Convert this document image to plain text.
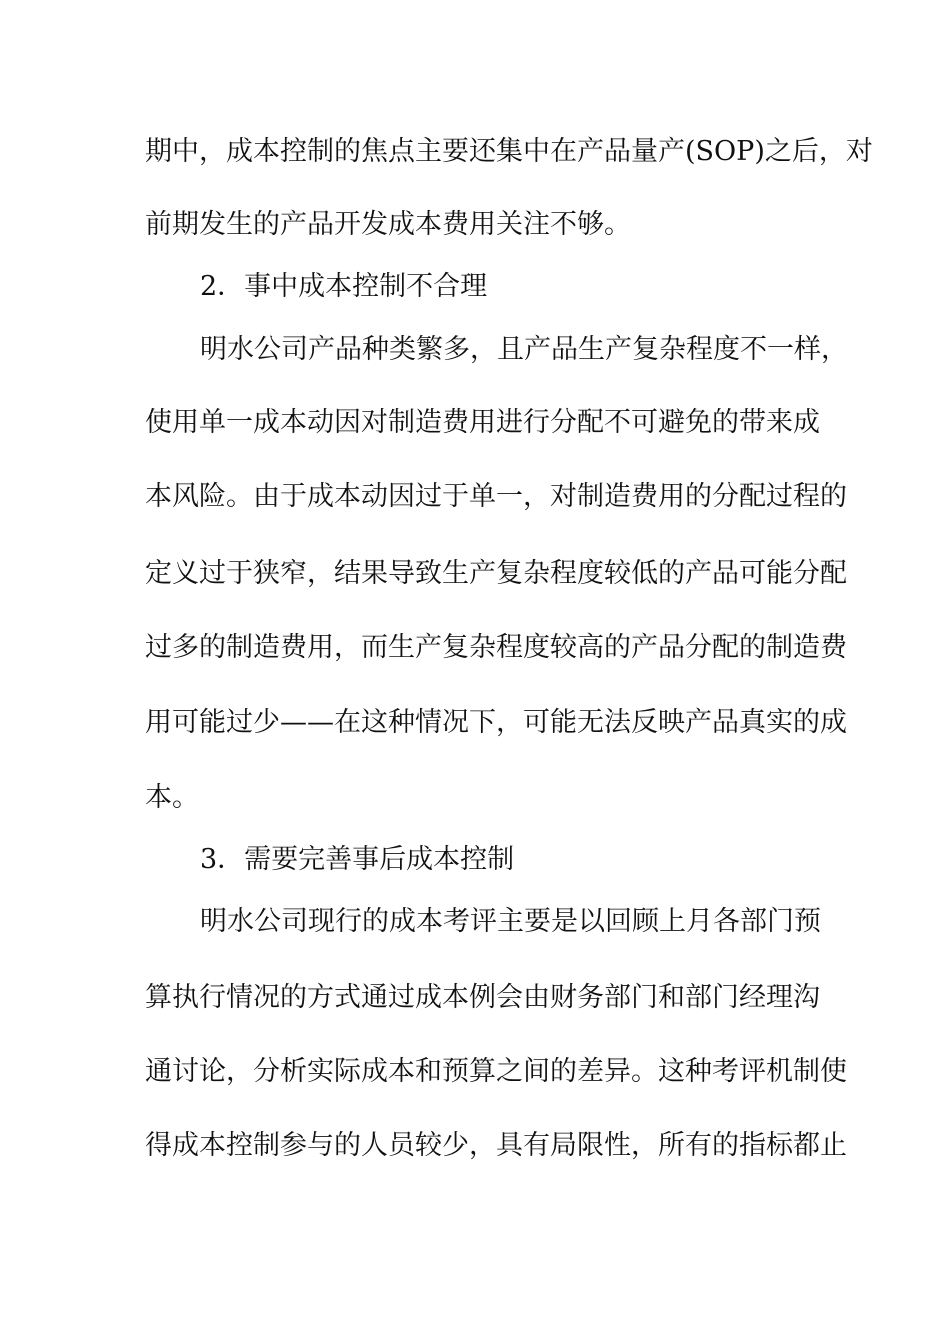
期中，成本控制的焦点主要还集中在产品量产(SOP)之后，对
前期发生的产品开发成本费用关注不够。
2．事中成本控制不合理
明水公司产品种类繁多，且产品生产复杂程度不一样，
使用单一成本动因对制造费用进行分配不可避免的带来成
本风险。由于成本动因过于单一，对制造费用的分配过程的
定义过于狭窄，结果导致生产复杂程度较低的产品可能分配
过多的制造费用，而生产复杂程度较高的产品分配的制造费
用可能过少——在这种情况下，可能无法反映产品真实的成
本。
3．需要完善事后成本控制
明水公司现行的成本考评主要是以回顾上月各部门预
算执行情况的方式通过成本例会由财务部门和部门经理沟
通讨论，分析实际成本和预算之间的差异。这种考评机制使
得成本控制参与的人员较少，具有局限性，所有的指标都止
